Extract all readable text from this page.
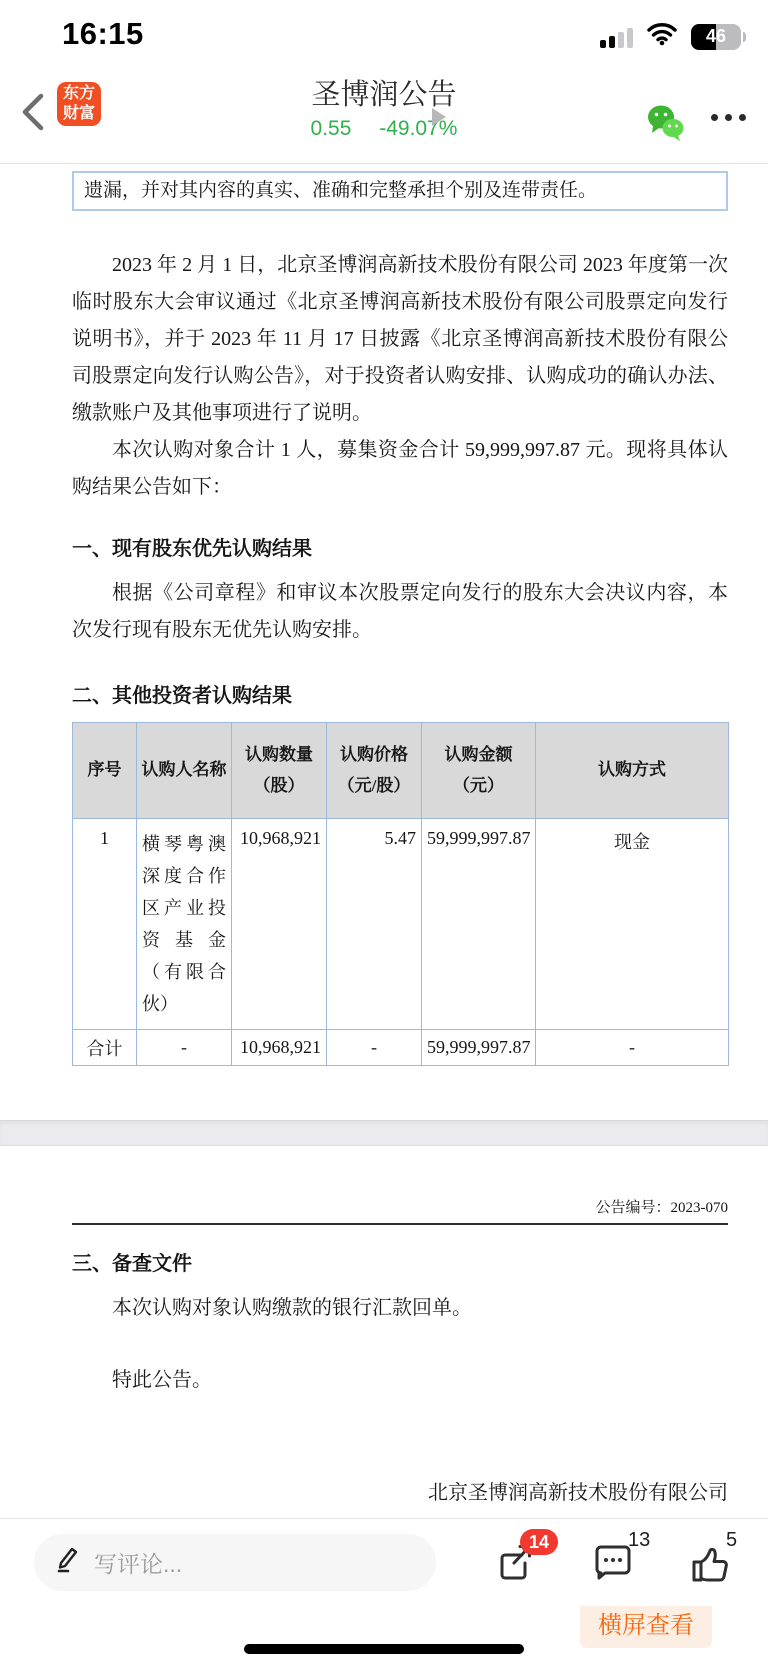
16:15	46
东方
财富
圣博润公告
0.55 -49.07%
遗漏，并对其内容的真实、准确和完整承担个别及连带责任。

2023 年 2 月 1 日，北京圣博润高新技术股份有限公司 2023 年度第一次临时股东大会审议通过《北京圣博润高新技术股份有限公司股票定向发行说明书》，并于 2023 年 11 月 17 日披露《北京圣博润高新技术股份有限公司股票定向发行认购公告》，对于投资者认购安排、认购成功的确认办法、缴款账户及其他事项进行了说明。

本次认购对象合计 1 人，募集资金合计 59,999,997.87 元。现将具体认购结果公告如下：

一、现有股东优先认购结果

根据《公司章程》和审议本次股票定向发行的股东大会决议内容，本次发行现有股东无优先认购安排。

二、其他投资者认购结果
序号	认购人名称	认购数量（股）	认购价格（元/股）	认购金额（元）	认购方式
1	横琴粤澳深度合作区产业投资基金（有限合伙）	10,968,921	5.47	59,999,997.87	现金
合计	-	10,968,921	-	59,999,997.87	-
公告编号：2023-070
三、备查文件

本次认购对象认购缴款的银行汇款回单。

特此公告。

北京圣博润高新技术股份有限公司
横屏查看
写评论...
14	13	5
